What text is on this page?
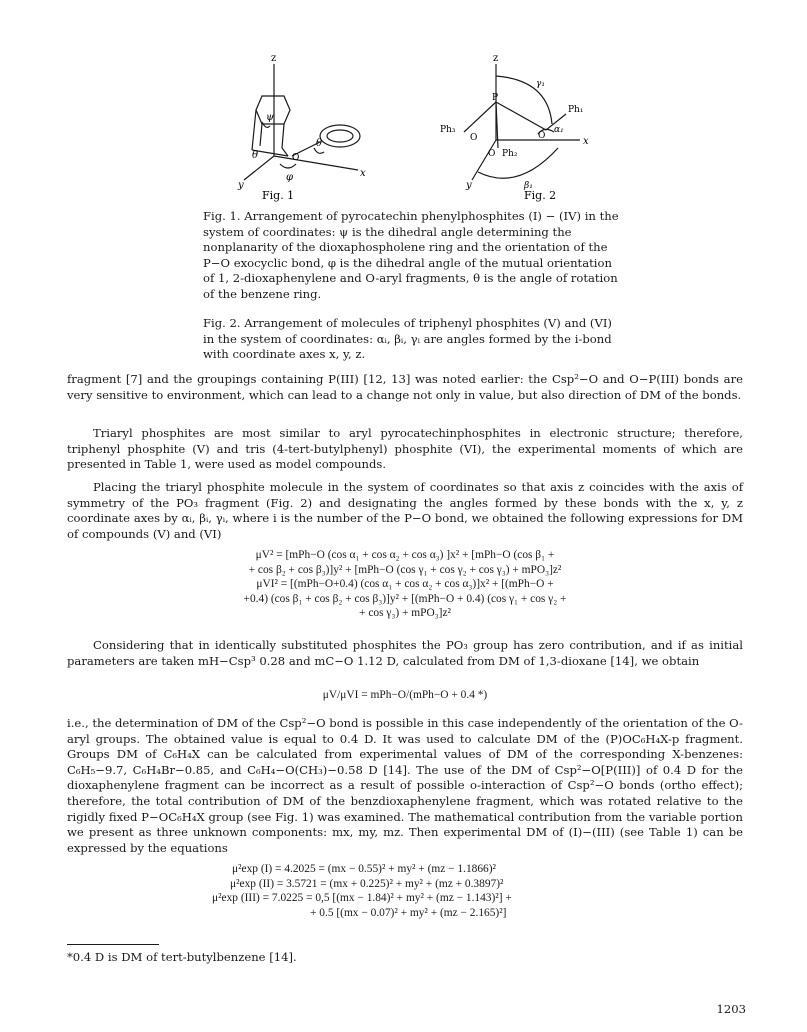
z
x
y
ψ
θ
θ
φ
O
Fig. 1
z
x
y
P
Ph₁
Ph₂
Ph₃
O
O
O
α₁
β₁
γ₁
Fig. 2
Fig. 1. Arrangement of pyrocatechin phenylphosphites (I) − (IV) in the system of coordinates: ψ is the dihedral angle determining the nonplanarity of the dioxaphospholene ring and the orientation of the P−O exocyclic bond, φ is the dihedral angle of the mutual orientation of 1, 2-dioxaphenylene and O-aryl fragments, θ is the angle of rotation of the benzene ring.
Fig. 2. Arrangement of molecules of triphenyl phosphites (V) and (VI) in the system of coordinates: αᵢ, βᵢ, γᵢ are angles formed by the i-bond with coordinate axes x, y, z.
fragment [7] and the groupings containing P(III) [12, 13] was noted earlier: the Csp²−O and O−P(III) bonds are very sensitive to environment, which can lead to a change not only in value, but also direction of DM of the bonds.
Triaryl phosphites are most similar to aryl pyrocatechinphosphites in electronic structure; therefore, triphenyl phosphite (V) and tris (4-tert-butylphenyl) phosphite (VI), the experimental moments of which are presented in Table 1, were used as model compounds.
Placing the triaryl phosphite molecule in the system of coordinates so that axis z coincides with the axis of symmetry of the PO₃ fragment (Fig. 2) and designating the angles formed by these bonds with the x, y, z coordinate axes by αᵢ, βᵢ, γᵢ, where i is the number of the P−O bond, we obtained the following expressions for DM of compounds (V) and (VI)
μV² = [mPh−O (cos α₁ + cos α₂ + cos α₃) ]x² + [mPh−O (cos β₁ +
+ cos β₂ + cos β₃)]y² + [mPh−O (cos γ₁ + cos γ₂ + cos γ₃) + mPO₃]z²
μVI² = [(mPh−O+0.4) (cos α₁ + cos α₂ + cos α₃)]x² + [(mPh−O +
+0.4) (cos β₁ + cos β₂ + cos β₃)]y² + [(mPh−O + 0.4) (cos γ₁ + cos γ₂ +
+ cos γ₃) + mPO₃]z²
Considering that in identically substituted phosphites the PO₃ group has zero contribution, and if as initial parameters are taken mH−Csp³ 0.28 and mC−O 1.12 D, calculated from DM of 1,3-dioxane [14], we obtain
μV/μVI = mPh−O/(mPh−O + 0.4 *)
i.e., the determination of DM of the Csp²−O bond is possible in this case independently of the orientation of the O-aryl groups. The obtained value is equal to 0.4 D. It was used to calculate DM of the (P)OC₆H₄X-p fragment. Groups DM of C₆H₄X can be calculated from experimental values of DM of the corresponding X-benzenes: C₆H₅−9.7, C₆H₄Br−0.85, and C₆H₄−O(CH₃)−0.58 D [14]. The use of the DM of Csp²−O[P(III)] of 0.4 D for the dioxaphenylene fragment can be incorrect as a result of possible o-interaction of Csp²−O bonds (ortho effect); therefore, the total contribution of DM of the benzdioxaphenylene fragment, which was rotated relative to the rigidly fixed P−OC₆H₄X group (see Fig. 1) was examined. The mathematical contribution from the variable portion we present as three unknown components: mx, my, mz. Then experimental DM of (I)−(III) (see Table 1) can be expressed by the equations
μ²exp (I) = 4.2025 = (mx − 0.55)² + my² + (mz − 1.1866)²
μ²exp (II) = 3.5721 = (mx + 0.225)² + my² + (mz + 0.3897)²
μ²exp (III) = 7.0225 = 0,5 [(mx − 1.84)² + my² + (mz − 1.143)²] +
+ 0.5 [(mx − 0.07)² + my² + (mz − 2.165)²]
*0.4 D is DM of tert-butylbenzene [14].
1203
